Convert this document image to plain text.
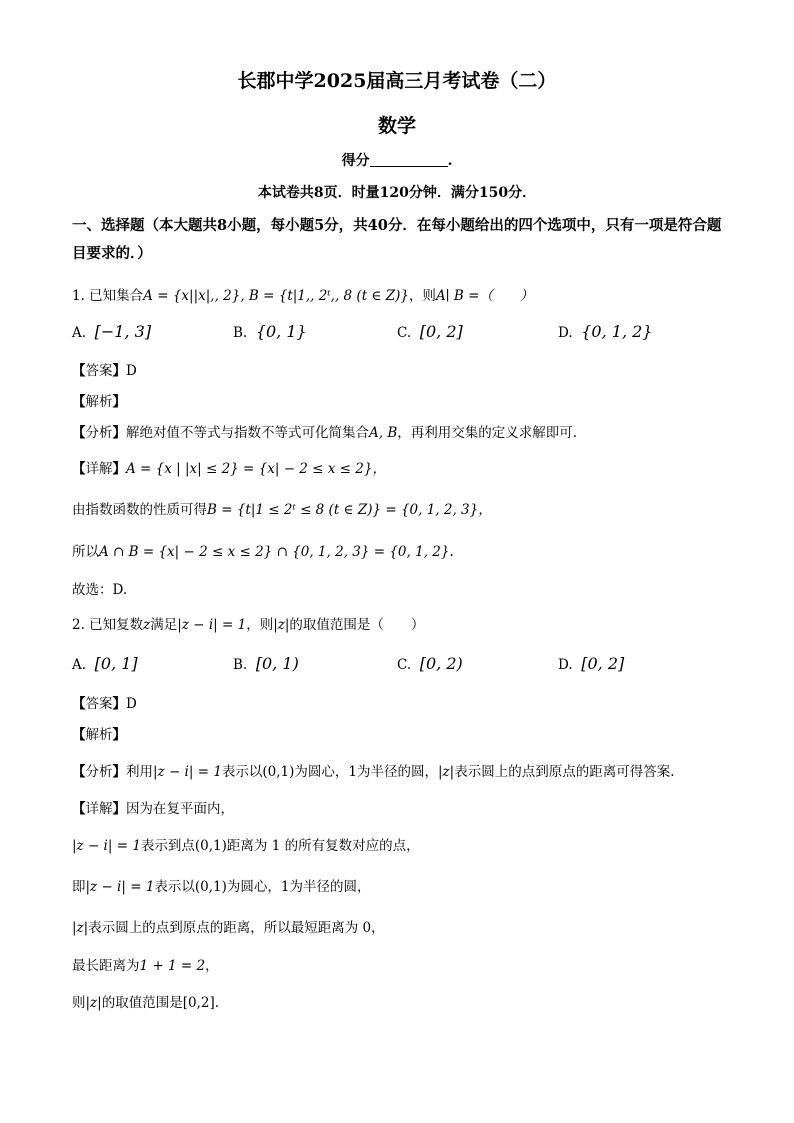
长郡中学2025届高三月考试卷（二）
数学
得分	.
本试卷共8页．时量120分钟．满分150分．
一、选择题（本大题共8小题，每小题5分，共40分．在每小题给出的四个选项中，只有一项是符合题目要求的．）
1. 已知集合A = {x||x|,, 2}, B = {t|1,, 2ᵗ,, 8 (t ∈ Z)}，则A∣ B =（　　）
A. [−1, 3]	B. {0, 1}	C. [0, 2]	D. {0, 1, 2}
【答案】D
【解析】
【分析】解绝对值不等式与指数不等式可化简集合A, B，再利用交集的定义求解即可.
【详解】A = {x | |x| ≤ 2} = {x| − 2 ≤ x ≤ 2}，
由指数函数的性质可得B = {t|1 ≤ 2ᵗ ≤ 8 (t ∈ Z)} = {0, 1, 2, 3}，
所以A ∩ B = {x| − 2 ≤ x ≤ 2} ∩ {0, 1, 2, 3} = {0, 1, 2}.
故选：D.
2. 已知复数z满足|z − i| = 1，则|z|的取值范围是（　　）
A. [0, 1]	B. [0, 1)	C. [0, 2)	D. [0, 2]
【答案】D
【解析】
【分析】利用|z − i| = 1表示以(0,1)为圆心，1为半径的圆，|z|表示圆上的点到原点的距离可得答案.
【详解】因为在复平面内，
|z − i| = 1表示到点(0,1)距离为 1 的所有复数对应的点，
即|z − i| = 1表示以(0,1)为圆心，1为半径的圆，
|z|表示圆上的点到原点的距离，所以最短距离为 0，
最长距离为1 + 1 = 2，
则|z|的取值范围是[0,2].
